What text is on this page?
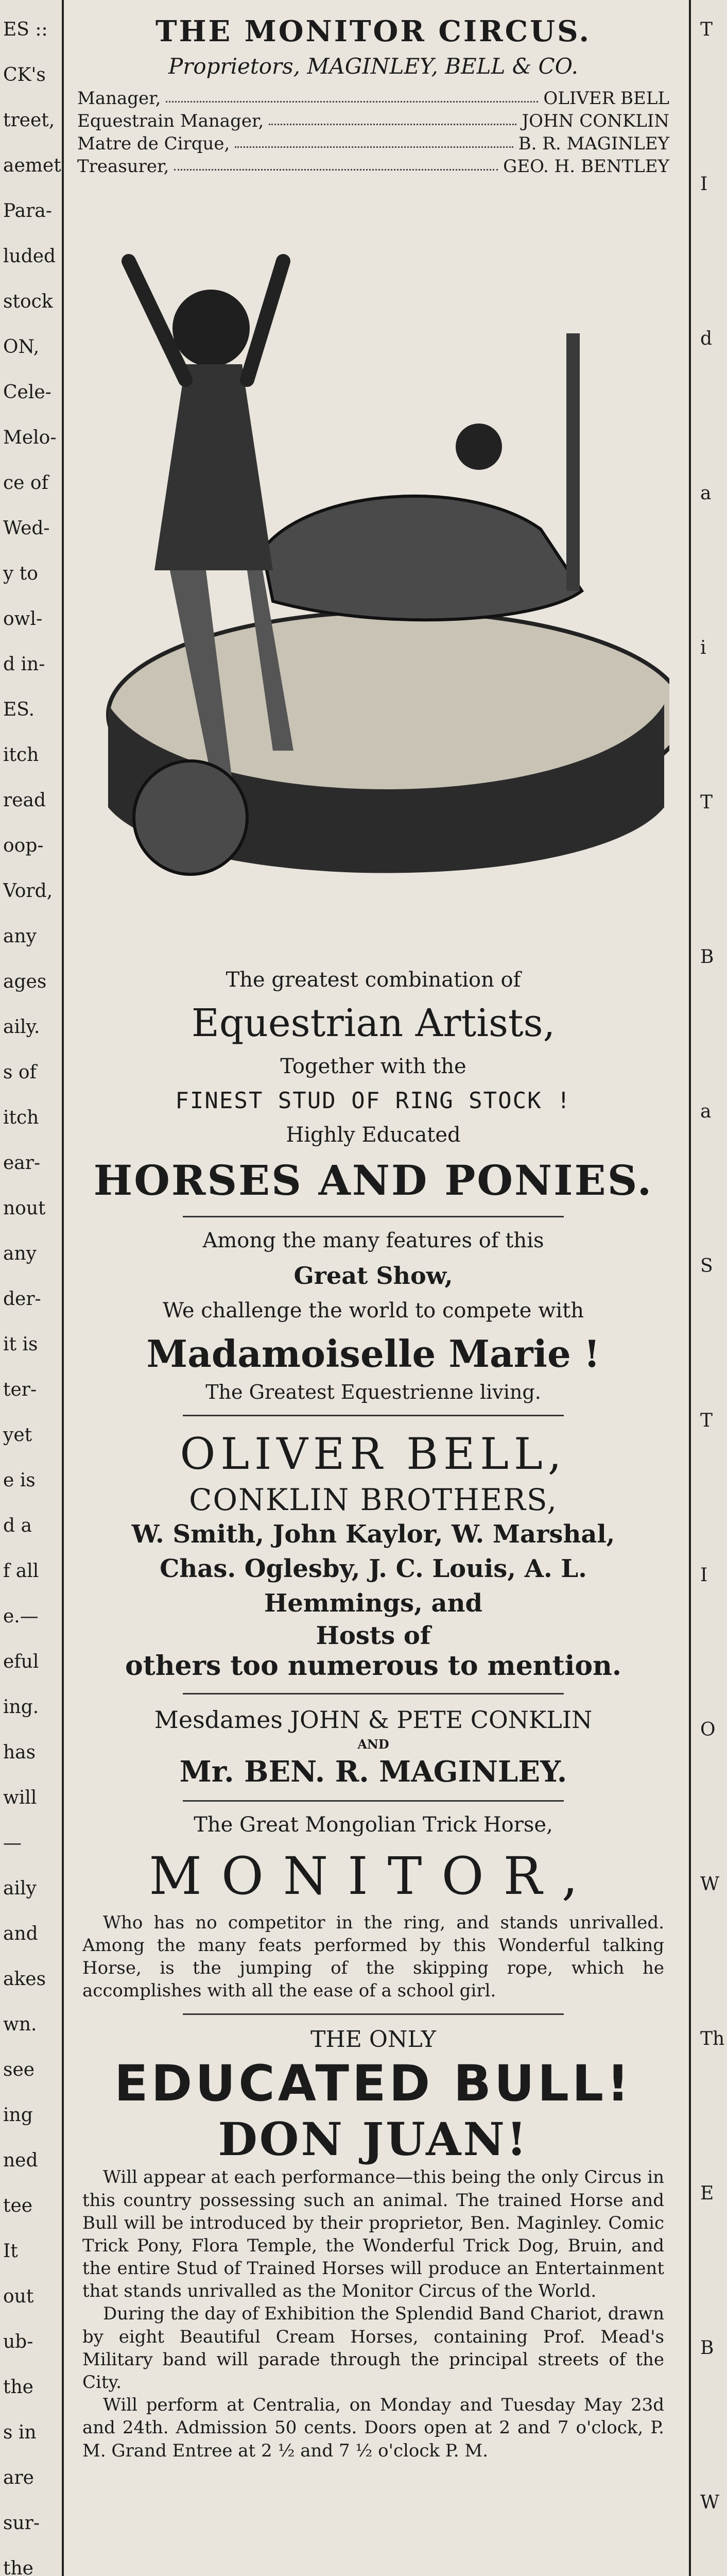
ES ::
CK's
treet,
aemet
Para-
luded
stock
ON,
Cele-
Melo-
ce of
Wed-
y to
owl-
d in-
ES.
itch
read
oop-
Vord,
any
ages
aily.
s of
itch
ear-
nout
any
der-
it is
ter-
yet
e is
d a
f all
e.—
eful
ing.
has
will
—
aily
and
akes
wn.
see
ing
ned
tee
It
out
ub-
the
s in
are
sur-
the
T
I
d
a
i
T
B
a
S
T
I
O
W
Th
E
B
W
THE MONITOR CIRCUS.
Proprietors, MAGINLEY, BELL & CO.
Manager,	OLIVER BELL
Equestrain Manager,	JOHN CONKLIN
Matre de Cirque,	B. R. MAGINLEY
Treasurer,	GEO. H. BENTLEY
The greatest combination of
Equestrian Artists,
Together with the
FINEST STUD OF RING STOCK !
Highly Educated
HORSES AND PONIES.
Among the many features of this
Great Show,
We challenge the world to compete with
Madamoiselle Marie !
The Greatest Equestrienne living.
OLIVER BELL,
CONKLIN BROTHERS,
W. Smith, John Kaylor, W. Marshal, Chas. Oglesby, J. C. Louis, A. L. Hemmings, and
Hosts of
others too numerous to mention.
Mesdames JOHN & PETE CONKLIN
AND
Mr. BEN. R. MAGINLEY.
The Great Mongolian Trick Horse,
MONITOR,
Who has no competitor in the ring, and stands unrivalled. Among the many feats performed by this Wonderful talking Horse, is the jumping of the skipping rope, which he accomplishes with all the ease of a school girl.
THE ONLY
EDUCATED BULL!
DON JUAN!
Will appear at each performance—this being the only Circus in this country possessing such an animal. The trained Horse and Bull will be introduced by their proprietor, Ben. Maginley. Comic Trick Pony, Flora Temple, the Wonderful Trick Dog, Bruin, and the entire Stud of Trained Horses will produce an Entertainment that stands unrivalled as the Monitor Circus of the World.
During the day of Exhibition the Splendid Band Chariot, drawn by eight Beautiful Cream Horses, containing Prof. Mead's Military band will parade through the principal streets of the City.
Will perform at Centralia, on Monday and Tuesday May 23d and 24th. Admission 50 cents. Doors open at 2 and 7 o'clock, P. M. Grand Entree at 2 ½ and 7 ½ o'clock P. M.
